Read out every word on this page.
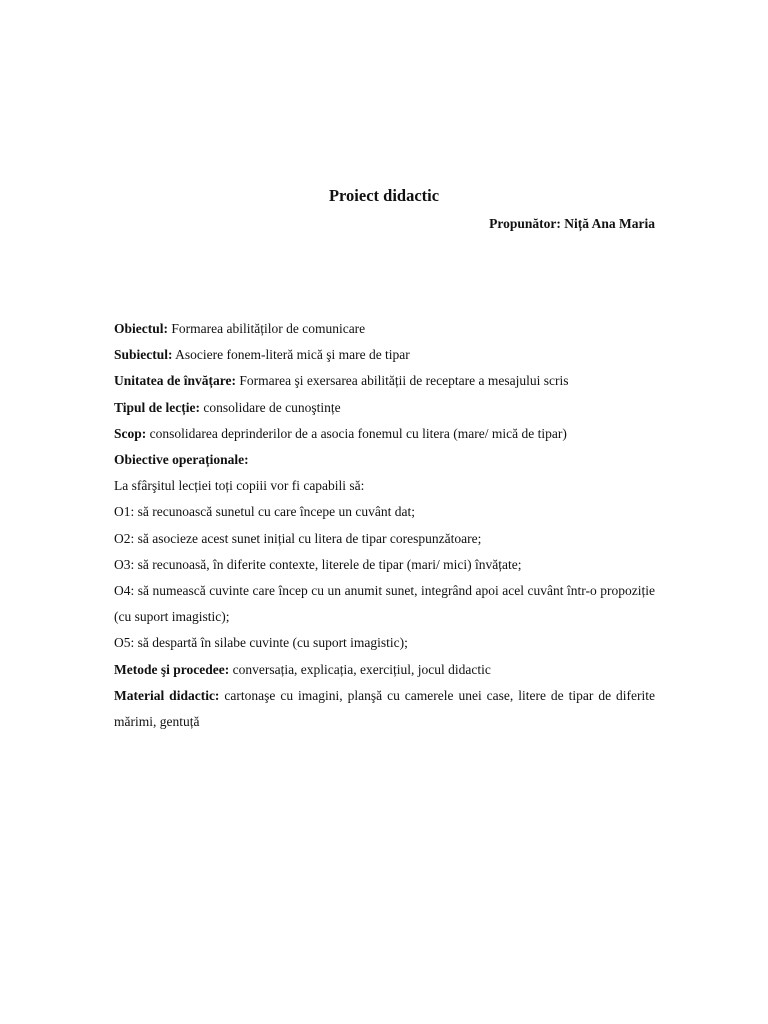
Proiect didactic
Propunător: Niță Ana Maria
Obiectul: Formarea abilităților de comunicare
Subiectul: Asociere fonem-literă mică şi mare de tipar
Unitatea de învățare: Formarea şi exersarea abilității de receptare a mesajului scris
Tipul de lecție: consolidare de cunoştințe
Scop: consolidarea deprinderilor de a asocia fonemul cu litera (mare/ mică de tipar)
Obiective operaționale:
La sfârşitul lecției toți copiii vor fi capabili să:
O1: să recunoască sunetul cu care începe un cuvânt dat;
O2: să asocieze acest sunet inițial cu litera de tipar corespunzătoare;
O3: să recunoasă, în diferite contexte, literele de tipar (mari/ mici) învățate;
O4: să numească cuvinte care încep cu un anumit sunet, integrând apoi acel cuvânt într-o propoziție (cu suport imagistic);
O5: să despartă în silabe cuvinte (cu suport imagistic);
Metode şi procedee: conversația, explicația, exercițiul, jocul didactic
Material didactic: cartonaşe cu imagini, planşă cu camerele unei case, litere de tipar de diferite mărimi, gentuță
